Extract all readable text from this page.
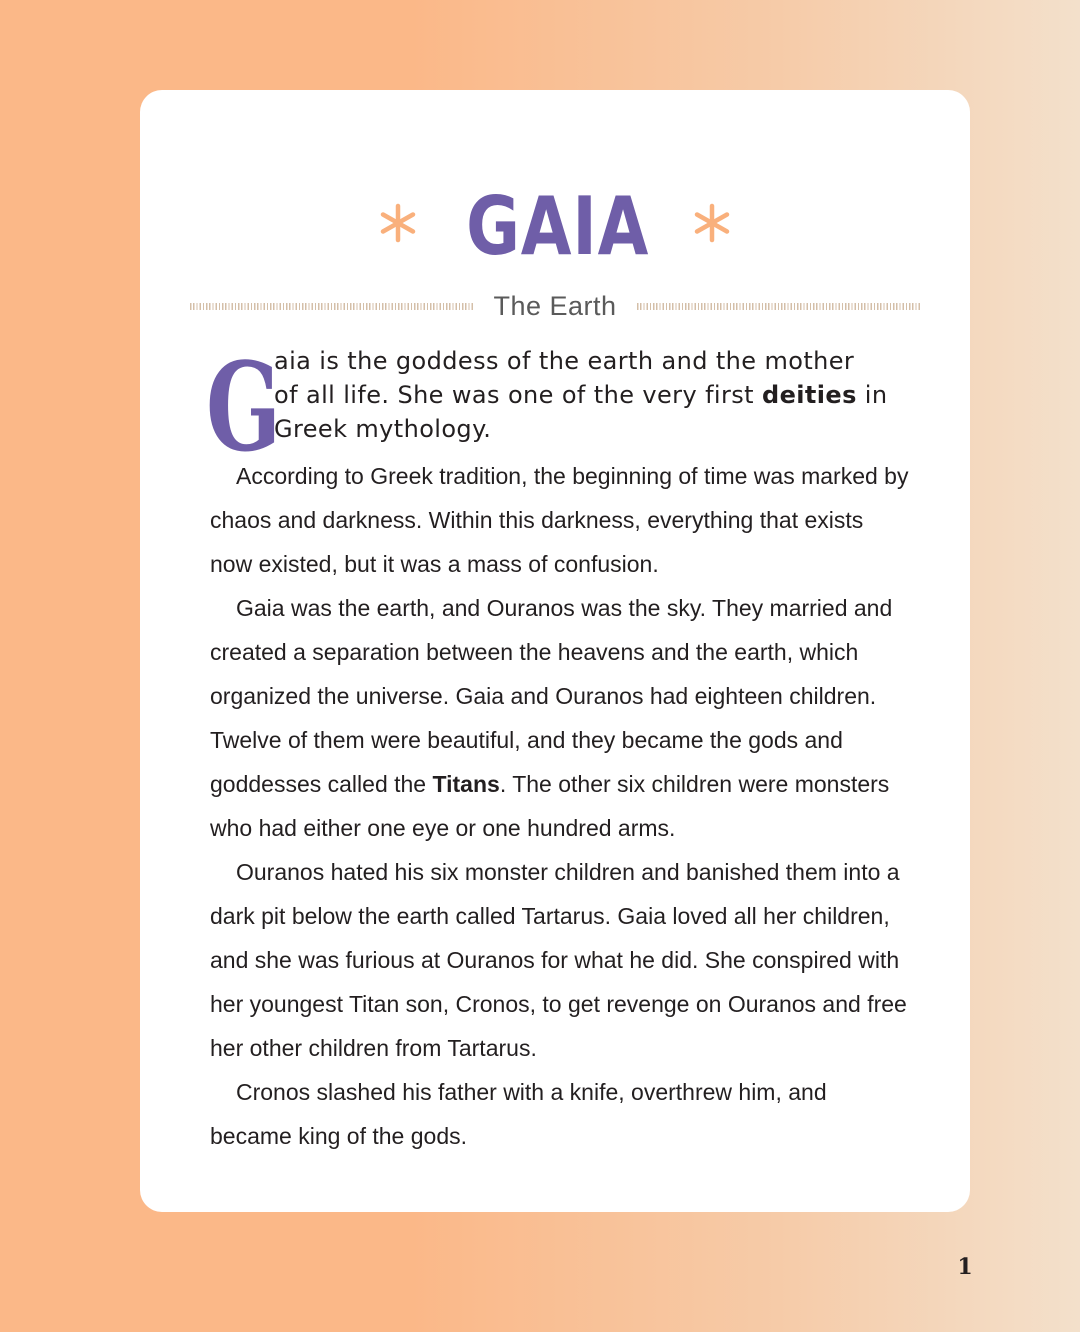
GAIA
The Earth
G
aia is the goddess of the earth and the mother
of all life. She was one of the very first deities in
Greek mythology.

According to Greek tradition, the beginning of time was marked by chaos and darkness. Within this darkness, everything that exists now existed, but it was a mass of confusion.

Gaia was the earth, and Ouranos was the sky. They married and created a separation between the heavens and the earth, which organized the universe. Gaia and Ouranos had eighteen children. Twelve of them were beautiful, and they became the gods and goddesses called the Titans. The other six children were monsters who had either one eye or one hundred arms.

Ouranos hated his six monster children and banished them into a dark pit below the earth called Tartarus. Gaia loved all her children, and she was furious at Ouranos for what he did. She conspired with her youngest Titan son, Cronos, to get revenge on Ouranos and free her other children from Tartarus.

Cronos slashed his father with a knife, overthrew him, and became king of the gods.

1
